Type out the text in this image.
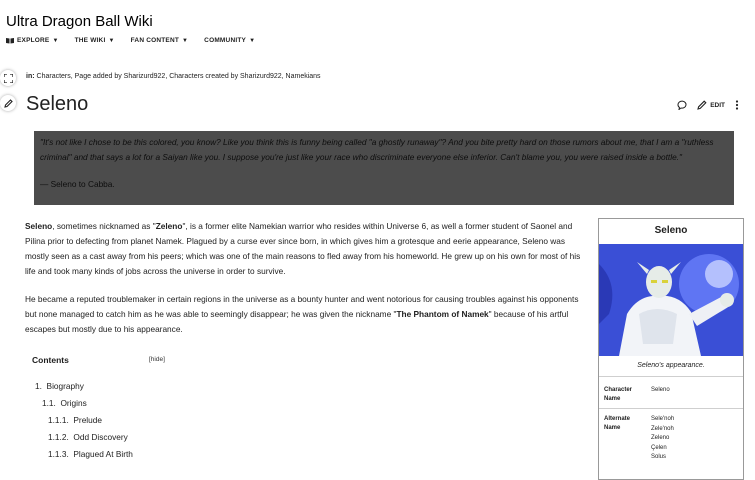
Ultra Dragon Ball Wiki
EXPLORE ▼ THE WIKI ▼ FAN CONTENT ▼ COMMUNITY ▼
in: Characters, Page added by Sharizurd922, Characters created by Sharizurd922, Namekians
Seleno	EDIT
"It's not like I chose to be this colored, you know? Like you think this is funny being called "a ghostly runaway"? And you bite pretty hard on those rumors about me, that I am a "ruthless criminal" and that says a lot for a Saiyan like you. I suppose you're just like your race who discriminate everyone else inferior. Can't blame you, you were raised inside a bottle."
— Seleno to Cabba.

Seleno, sometimes nicknamed as "Zeleno", is a former elite Namekian warrior who resides within Universe 6, as well a former student of Saonel and Pilina prior to defecting from planet Namek. Plagued by a curse ever since born, in which gives him a grotesque and eerie appearance, Seleno was mostly seen as a cast away from his peers; which was one of the main reasons to fled away from his homeworld. He grew up on his own for most of his life and took many kinds of jobs across the universe in order to survive.

He became a reputed troublemaker in certain regions in the universe as a bounty hunter and went notorious for causing troubles against his opponents but none managed to catch him as he was able to seemingly disappear; he was given the nickname "The Phantom of Namek" because of his artful escapes but mostly due to his appearance.

Contents	[hide]
1. Biography
1.1. Origins
1.1.1. Prelude
1.1.2. Odd Discovery
1.1.3. Plagued At Birth
Seleno
Seleno's appearance.
Character Name
Seleno
Alternate Name
Sele'noh
Zele'noh
Zeleno
Çelen
Solus
